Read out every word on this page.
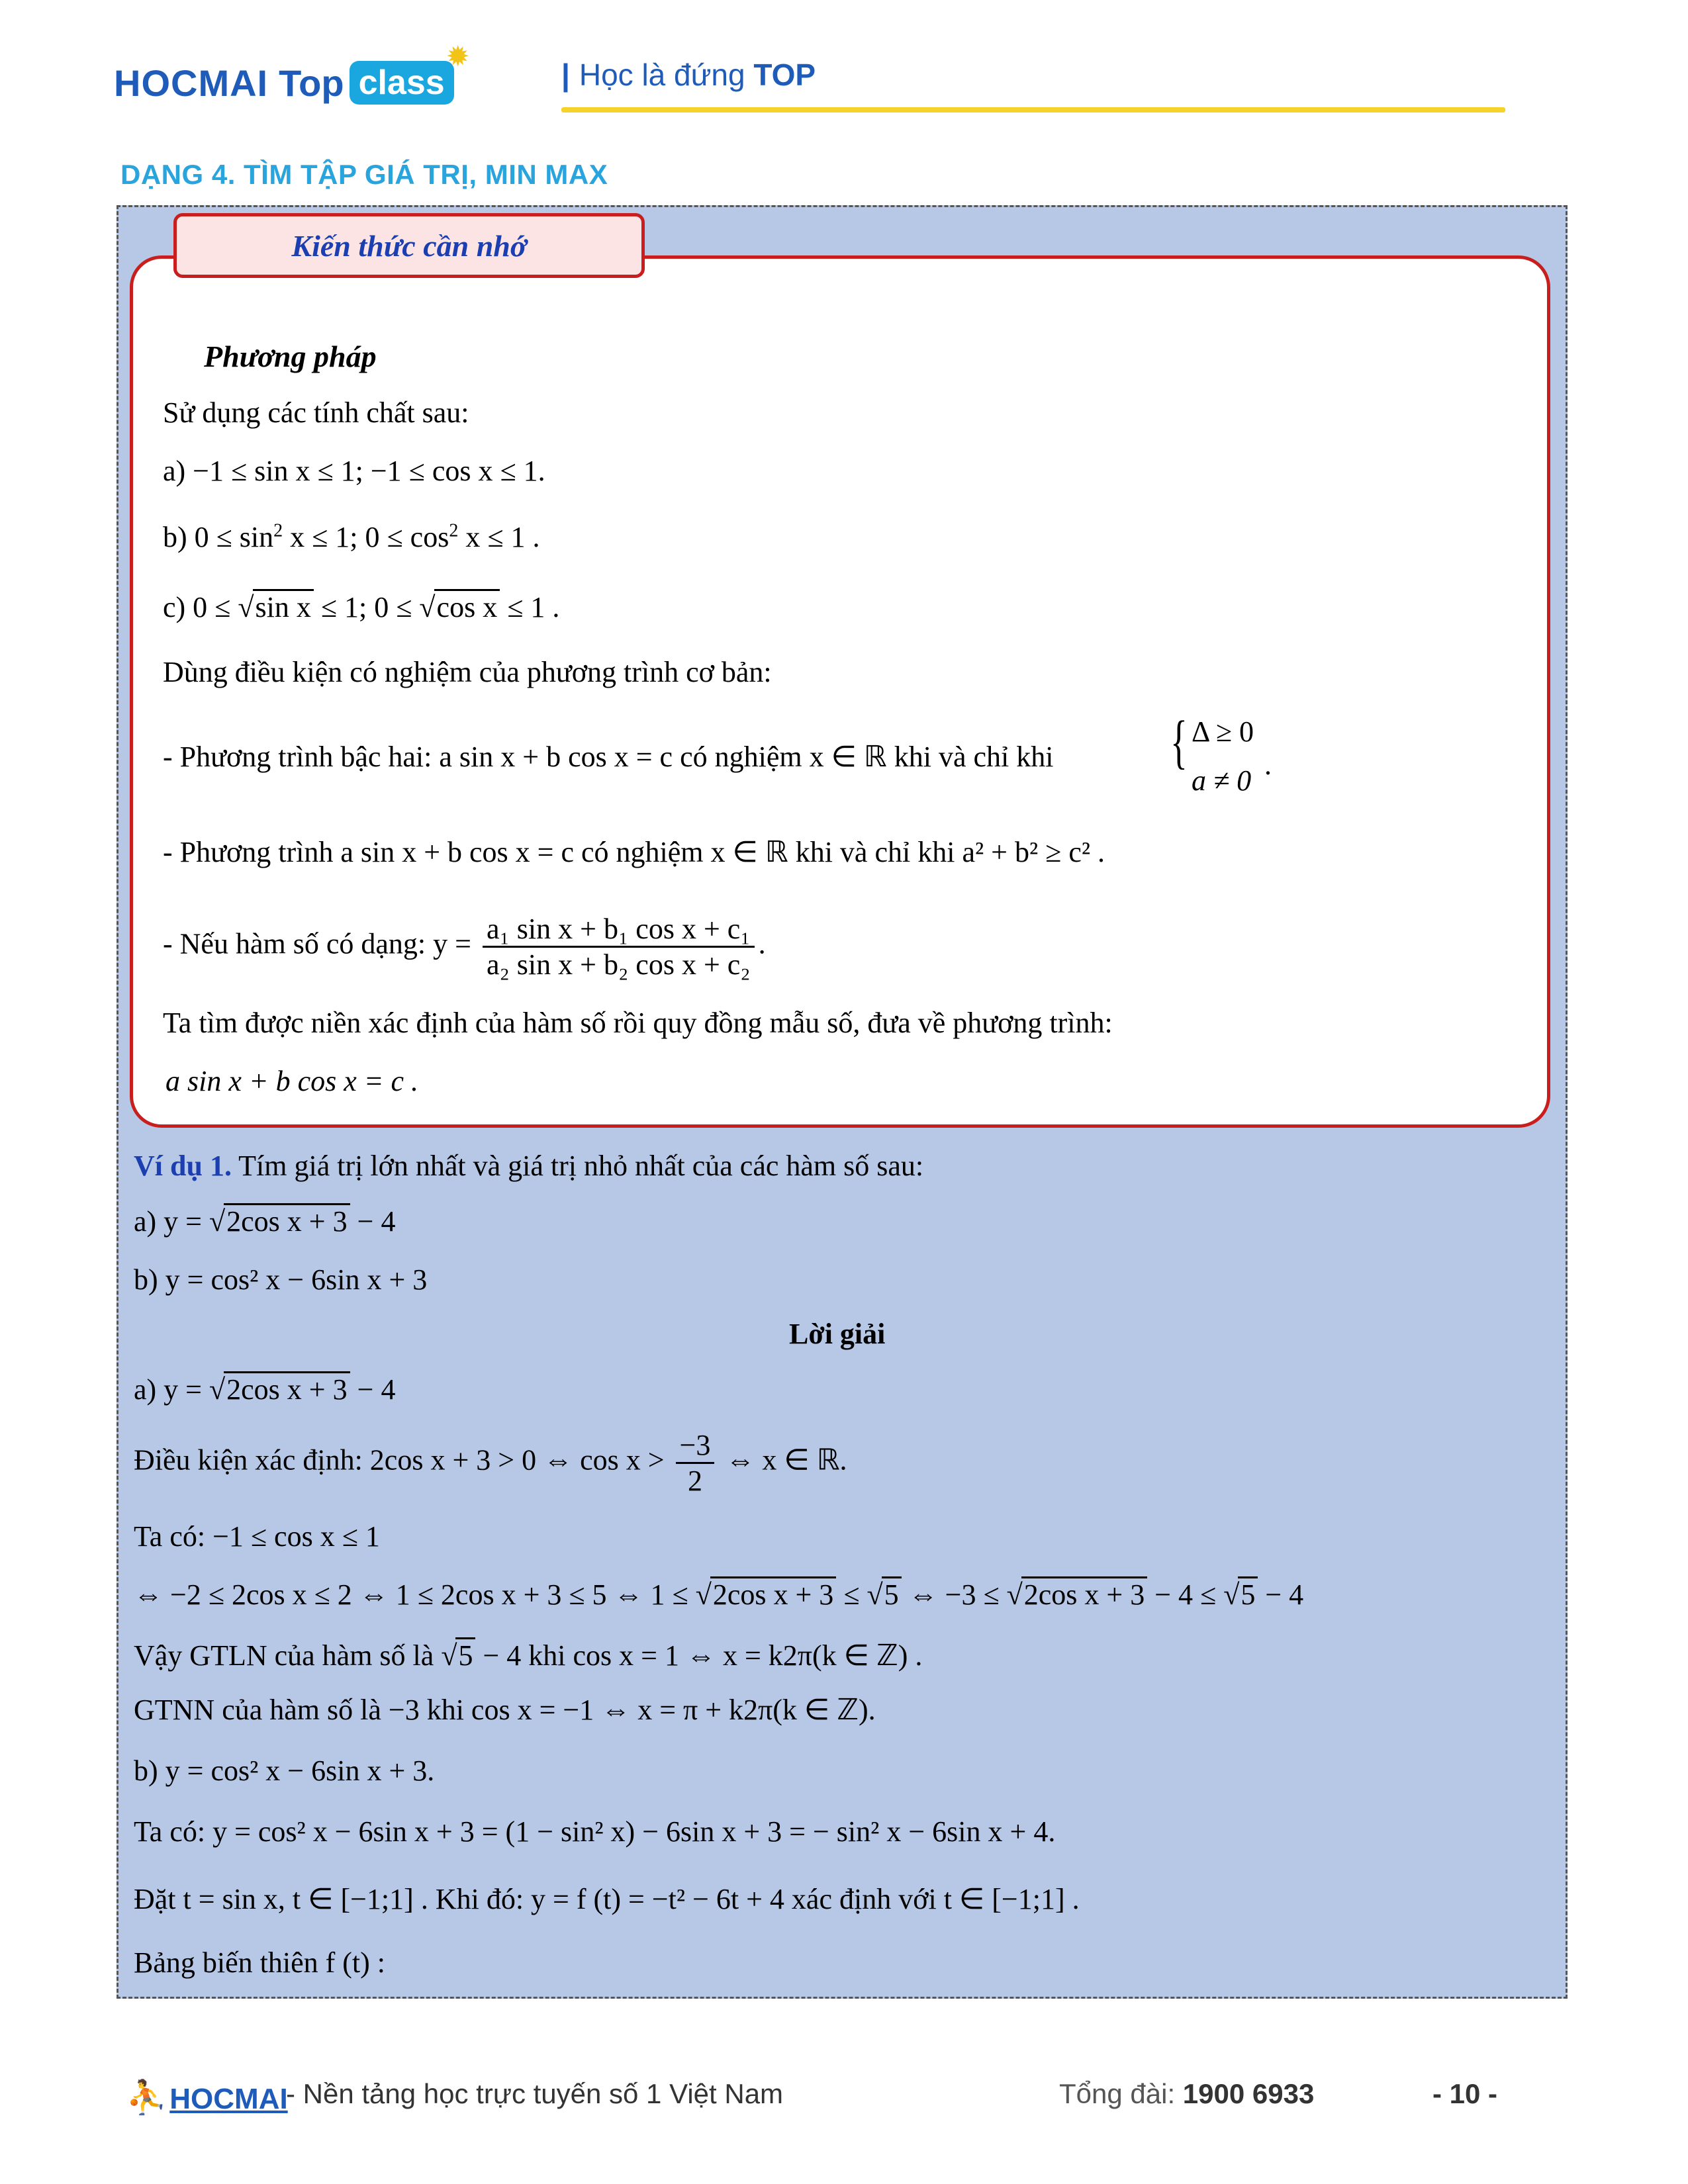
HOCMAI Top class
✹
| Học là đứng TOP
DẠNG 4. TÌM TẬP GIÁ TRỊ, MIN MAX
Kiến thức cần nhớ
Phương pháp
Sử dụng các tính chất sau:
a) −1 ≤ sin x ≤ 1; −1 ≤ cos x ≤ 1.
b) $0 \le \sin^2 x \le 1$; $0 \le \cos^2 x \le 1$ .
c) 0 ≤ √sin x ≤ 1; 0 ≤ √cos x ≤ 1 .
Dùng điều kiện có nghiệm của phương trình cơ bản:
- Phương trình bậc hai: a sin x + b cos x = c có nghiệm x ∈ ℝ khi và chỉ khi { Δ ≥ 0
a ≠ 0 .
- Phương trình a sin x + b cos x = c có nghiệm x ∈ ℝ khi và chỉ khi a² + b² ≥ c² .
- Nếu hàm số có dạng: $y = \frac{\text{a₁ sin x + b₁ cos x + c₁}}{\text{a₂ sin x + b₂ cos x + c₂}}$ .
Ta tìm được niền xác định của hàm số rồi quy đồng mẫu số, đưa về phương trình:
a sin x + b cos x = c .
Ví dụ 1. Tím giá trị lớn nhất và giá trị nhỏ nhất của các hàm số sau:
a) y = √2cos x + 3 − 4
b) y = cos² x − 6sin x + 3
Lời giải
a) y = √2cos x + 3 − 4
Điều kiện xác định: 2cos x + 3 > 0 ⇔ $\cos x > \frac{-3}{2}$ ⇔ x ∈ ℝ.
Ta có: −1 ≤ cos x ≤ 1
⇔ −2 ≤ 2cos x ≤ 2 ⇔ 1 ≤ 2cos x + 3 ≤ 5 ⇔ 1 ≤ √2cos x + 3 ≤ √5 ⇔ −3 ≤ √2cos x + 3 − 4 ≤ √5 − 4
Vậy GTLN của hàm số là √5 − 4 khi cos x = 1 ⇔ x = k2π(k ∈ ℤ) .
GTNN của hàm số là −3 khi cos x = −1 ⇔ x = π + k2π(k ∈ ℤ).
b) y = cos² x − 6sin x + 3.
Ta có: y = cos² x − 6sin x + 3 = (1 − sin² x) − 6sin x + 3 = − sin² x − 6sin x + 4.
Đặt t = sin x, t ∈ [−1;1] . Khi đó: y = f (t) = −t² − 6t + 4 xác định với t ∈ [−1;1] .
Bảng biến thiên f (t) :
⛹HOCMAI
- Nền tảng học trực tuyến số 1 Việt Nam	Tổng đài: 1900 6933	- 10 -
